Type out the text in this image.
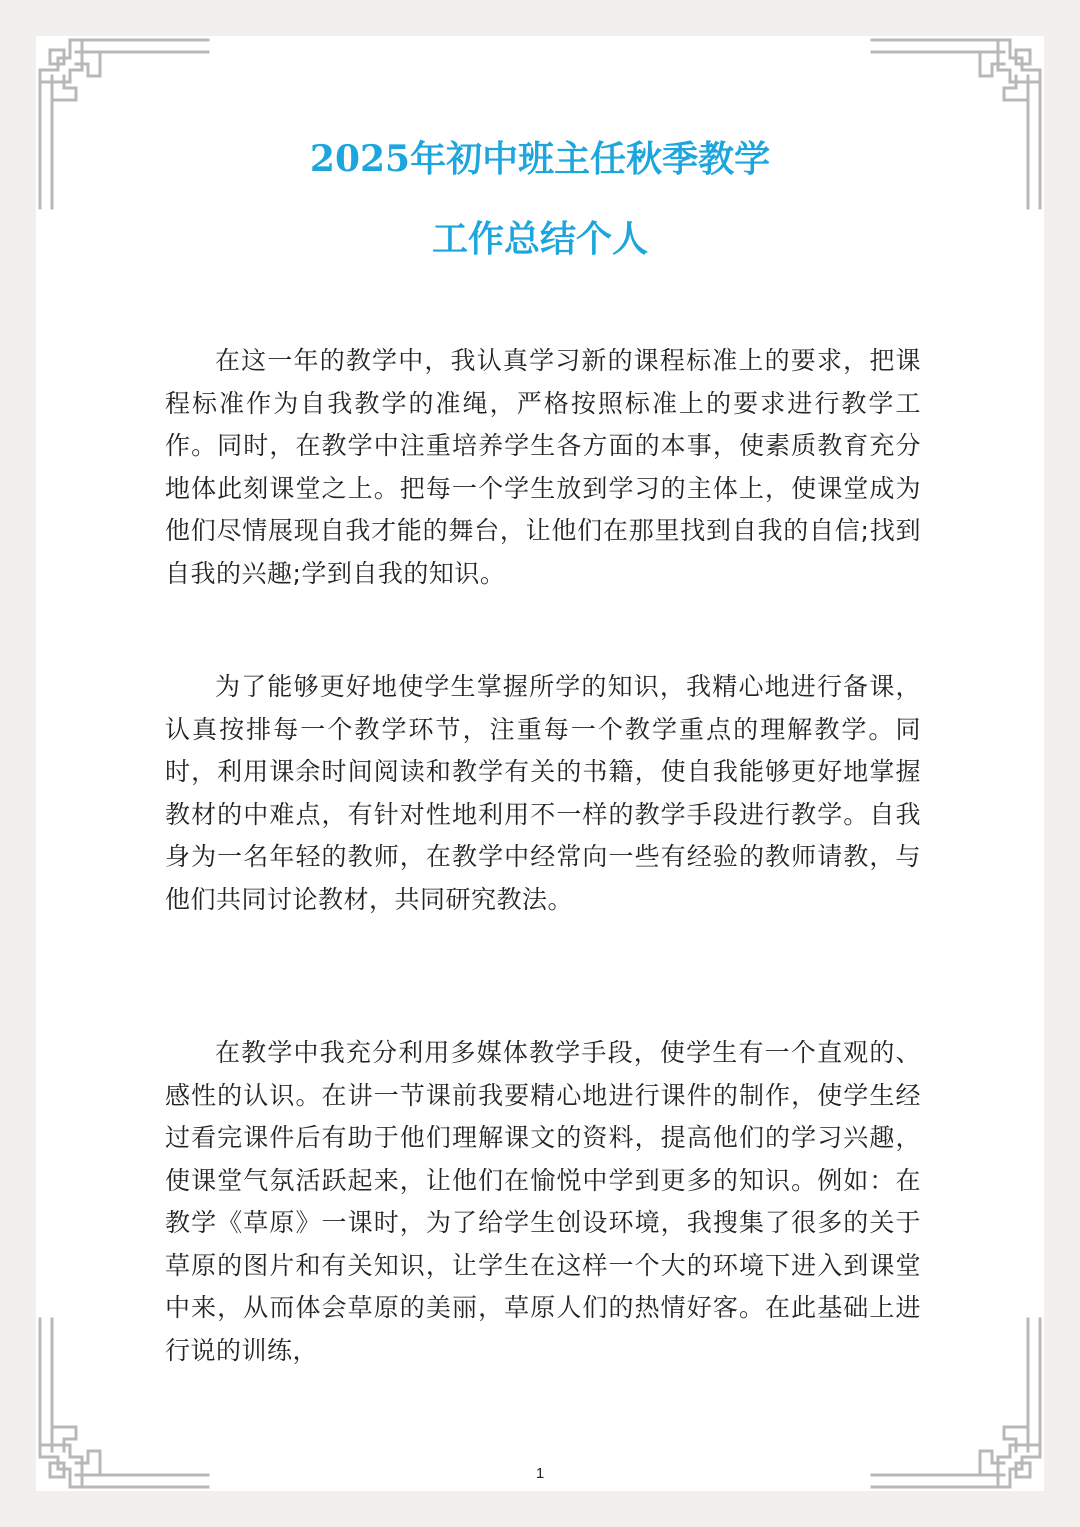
2025年初中班主任秋季教学
工作总结个人

在这一年的教学中，我认真学习新的课程标准上的要求，把课程标准作为自我教学的准绳，严格按照标准上的要求进行教学工作。同时，在教学中注重培养学生各方面的本事，使素质教育充分地体此刻课堂之上。把每一个学生放到学习的主体上，使课堂成为他们尽情展现自我才能的舞台，让他们在那里找到自我的自信;找到自我的兴趣;学到自我的知识。

为了能够更好地使学生掌握所学的知识，我精心地进行备课，认真按排每一个教学环节，注重每一个教学重点的理解教学。同时，利用课余时间阅读和教学有关的书籍，使自我能够更好地掌握教材的中难点，有针对性地利用不一样的教学手段进行教学。自我身为一名年轻的教师，在教学中经常向一些有经验的教师请教，与他们共同讨论教材，共同研究教法。

在教学中我充分利用多媒体教学手段，使学生有一个直观的、感性的认识。在讲一节课前我要精心地进行课件的制作，使学生经过看完课件后有助于他们理解课文的资料，提高他们的学习兴趣，使课堂气氛活跃起来，让他们在愉悦中学到更多的知识。例如：在教学《草原》一课时，为了给学生创设环境，我搜集了很多的关于草原的图片和有关知识，让学生在这样一个大的环境下进入到课堂中来，从而体会草原的美丽，草原人们的热情好客。在此基础上进行说的训练，

1
